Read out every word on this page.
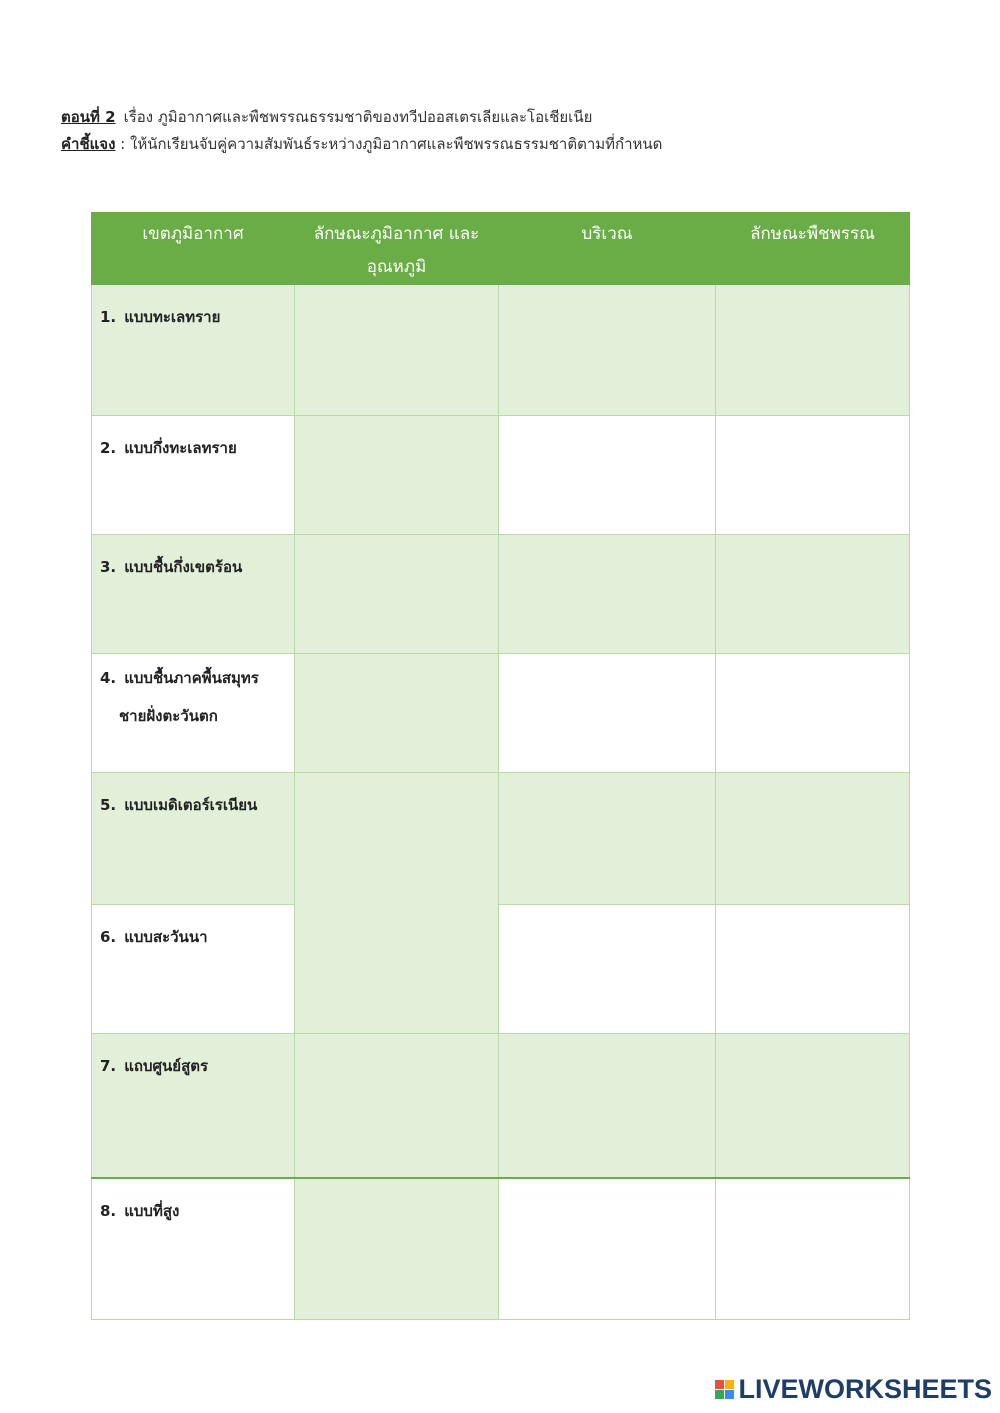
ตอนที่ 2 เรื่อง ภูมิอากาศและพืชพรรณธรรมชาติของทวีปออสเตรเลียและโอเชียเนีย
คำชี้แจง : ให้นักเรียนจับคู่ความสัมพันธ์ระหว่างภูมิอากาศและพืชพรรณธรรมชาติตามที่กำหนด
เขตภูมิอากาศ	ลักษณะภูมิอากาศ และอุณหภูมิ	บริเวณ	ลักษณะพืชพรรณ
1. แบบทะเลทราย			
2. แบบกึ่งทะเลทราย			
3. แบบชื้นกึ่งเขตร้อน			
4. แบบชื้นภาคพื้นสมุทร
ชายฝั่งตะวันตก			

5. แบบเมดิเตอร์เรเนียน			
6. แบบสะวันนา			
7. แถบศูนย์สูตร			
8. แบบที่สูง			
LIVEWORKSHEETS
